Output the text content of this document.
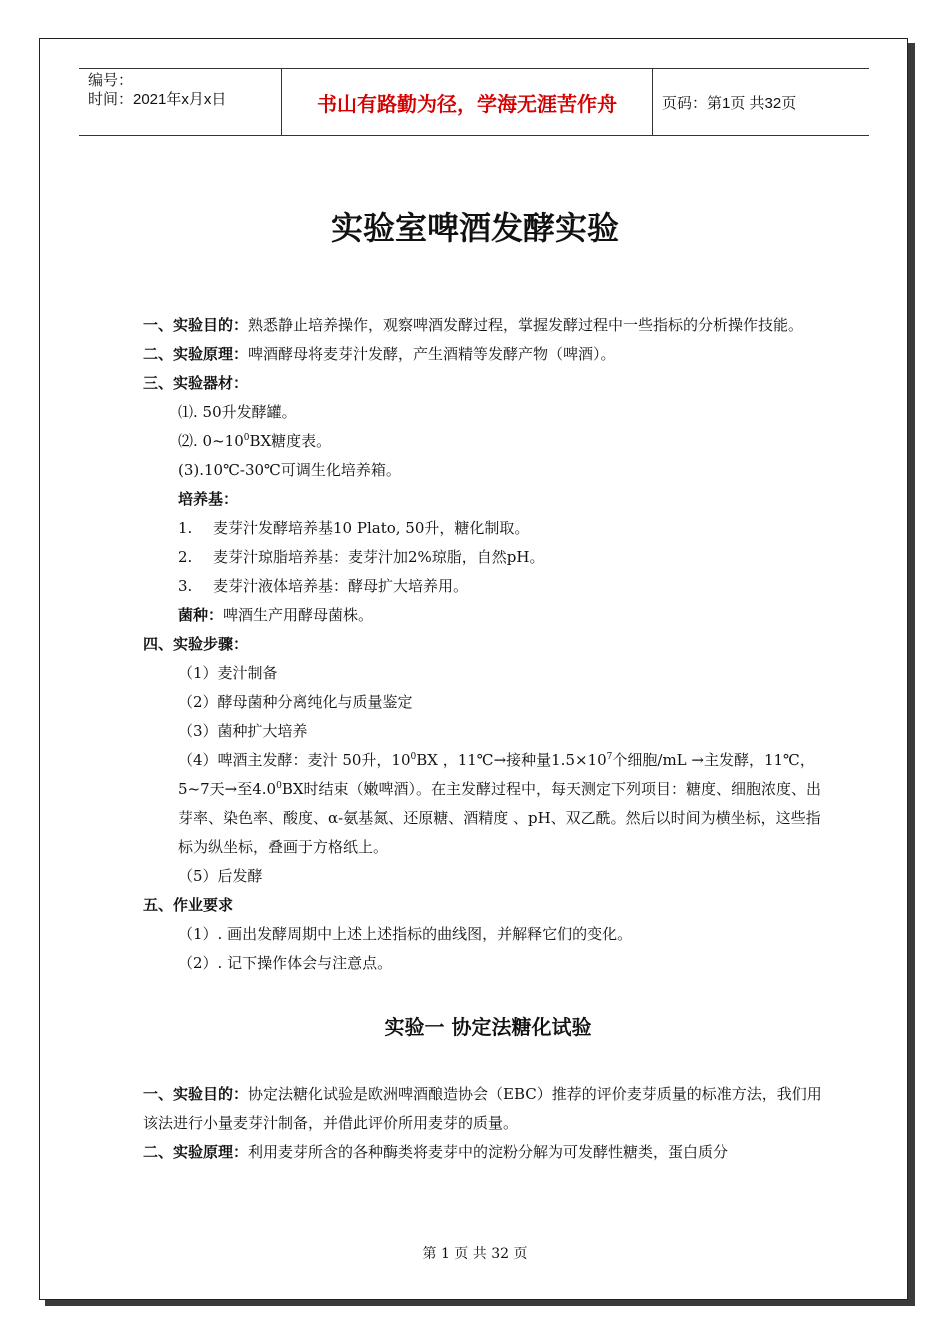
编号：
时间：2021年x月x日	书山有路勤为径，学海无涯苦作舟	页码：第1页 共32页
实验室啤酒发酵实验

一、实验目的：熟悉静止培养操作，观察啤酒发酵过程，掌握发酵过程中一些指标的分析操作技能。

二、实验原理：啤酒酵母将麦芽汁发酵，产生酒精等发酵产物（啤酒）。

三、实验器材：

⑴. 50升发酵罐。

⑵. $0\sim 10^0BX$糖度表。

(3).10℃-30℃可调生化培养箱。

培养基：

1. 麦芽汁发酵培养基10 Plato, 50升，糖化制取。

2. 麦芽汁琼脂培养基：麦芽汁加2%琼脂，自然pH。

3. 麦芽汁液体培养基：酵母扩大培养用。

菌种：啤酒生产用酵母菌株。

四、实验步骤：

（1）麦汁制备

（2）酵母菌种分离纯化与质量鉴定

（3）菌种扩大培养

（4）啤酒主发酵：麦汁 50升，$10^0BX$ ，11℃→接种量$1.5\times 10^7$个细胞/mL →主发酵，11℃，5~7天→至$4.0^0BX$时结束（嫩啤酒）。在主发酵过程中，每天测定下列项目：糖度、细胞浓度、出芽率、染色率、酸度、α-氨基氮、还原糖、酒精度 、pH、双乙酰。然后以时间为横坐标，这些指标为纵坐标，叠画于方格纸上。

（5）后发酵

五、作业要求

（1）. 画出发酵周期中上述上述指标的曲线图，并解释它们的变化。

（2）. 记下操作体会与注意点。

实验一 协定法糖化试验

一、实验目的：协定法糖化试验是欧洲啤酒酿造协会（EBC）推荐的评价麦芽质量的标准方法，我们用该法进行小量麦芽汁制备，并借此评价所用麦芽的质量。

二、实验原理：利用麦芽所含的各种酶类将麦芽中的淀粉分解为可发酵性糖类，蛋白质分

第 1 页 共 32 页
